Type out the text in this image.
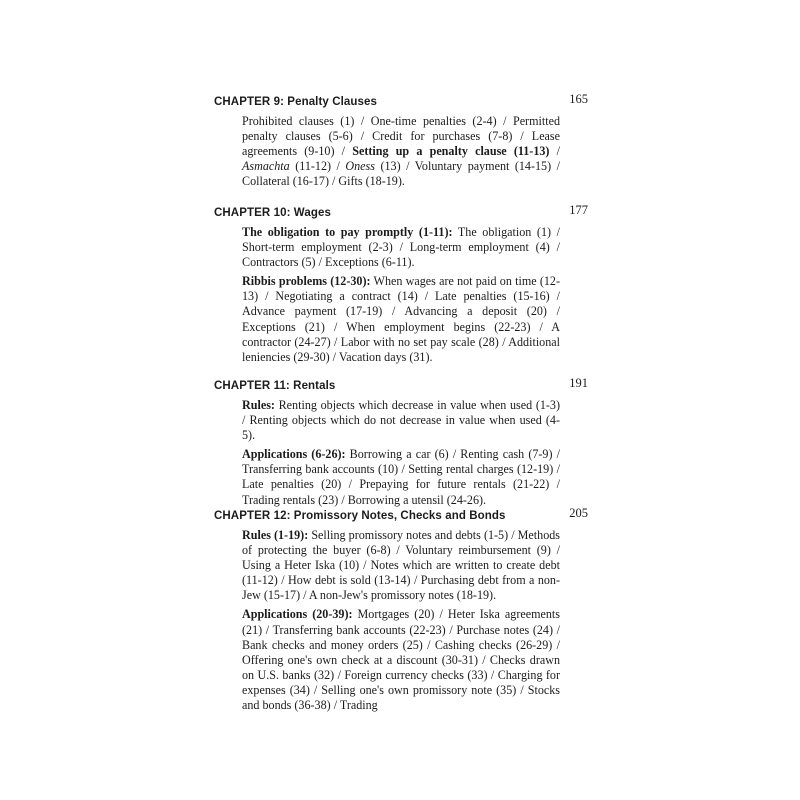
CHAPTER 9: Penalty Clauses	165

Prohibited clauses (1) / One-time penalties (2-4) / Permitted penalty clauses (5-6) / Credit for purchases (7-8) / Lease agreements (9-10) / Setting up a penalty clause (11-13) / Asmachta (11-12) / Oness (13) / Voluntary payment (14-15) / Collateral (16-17) / Gifts (18-19).

CHAPTER 10: Wages	177

The obligation to pay promptly (1-11): The obligation (1) / Short-term employment (2-3) / Long-term employment (4) / Contractors (5) / Exceptions (6-11).

Ribbis problems (12-30): When wages are not paid on time (12-13) / Negotiating a contract (14) / Late penalties (15-16) / Advance payment (17-19) / Advancing a deposit (20) / Exceptions (21) / When employment begins (22-23) / A contractor (24-27) / Labor with no set pay scale (28) / Additional leniencies (29-30) / Vacation days (31).

CHAPTER 11: Rentals	191

Rules: Renting objects which decrease in value when used (1-3) / Renting objects which do not decrease in value when used (4-5).

Applications (6-26): Borrowing a car (6) / Renting cash (7-9) / Transferring bank accounts (10) / Setting rental charges (12-19) / Late penalties (20) / Prepaying for future rentals (21-22) / Trading rentals (23) / Borrowing a utensil (24-26).

CHAPTER 12: Promissory Notes, Checks and Bonds	205

Rules (1-19): Selling promissory notes and debts (1-5) / Methods of protecting the buyer (6-8) / Voluntary reimbursement (9) / Using a Heter Iska (10) / Notes which are written to create debt (11-12) / How debt is sold (13-14) / Purchasing debt from a non-Jew (15-17) / A non-Jew's promissory notes (18-19).

Applications (20-39): Mortgages (20) / Heter Iska agreements (21) / Transferring bank accounts (22-23) / Purchase notes (24) / Bank checks and money orders (25) / Cashing checks (26-29) / Offering one's own check at a discount (30-31) / Checks drawn on U.S. banks (32) / Foreign currency checks (33) / Charging for expenses (34) / Selling one's own promissory note (35) / Stocks and bonds (36-38) / Trading
